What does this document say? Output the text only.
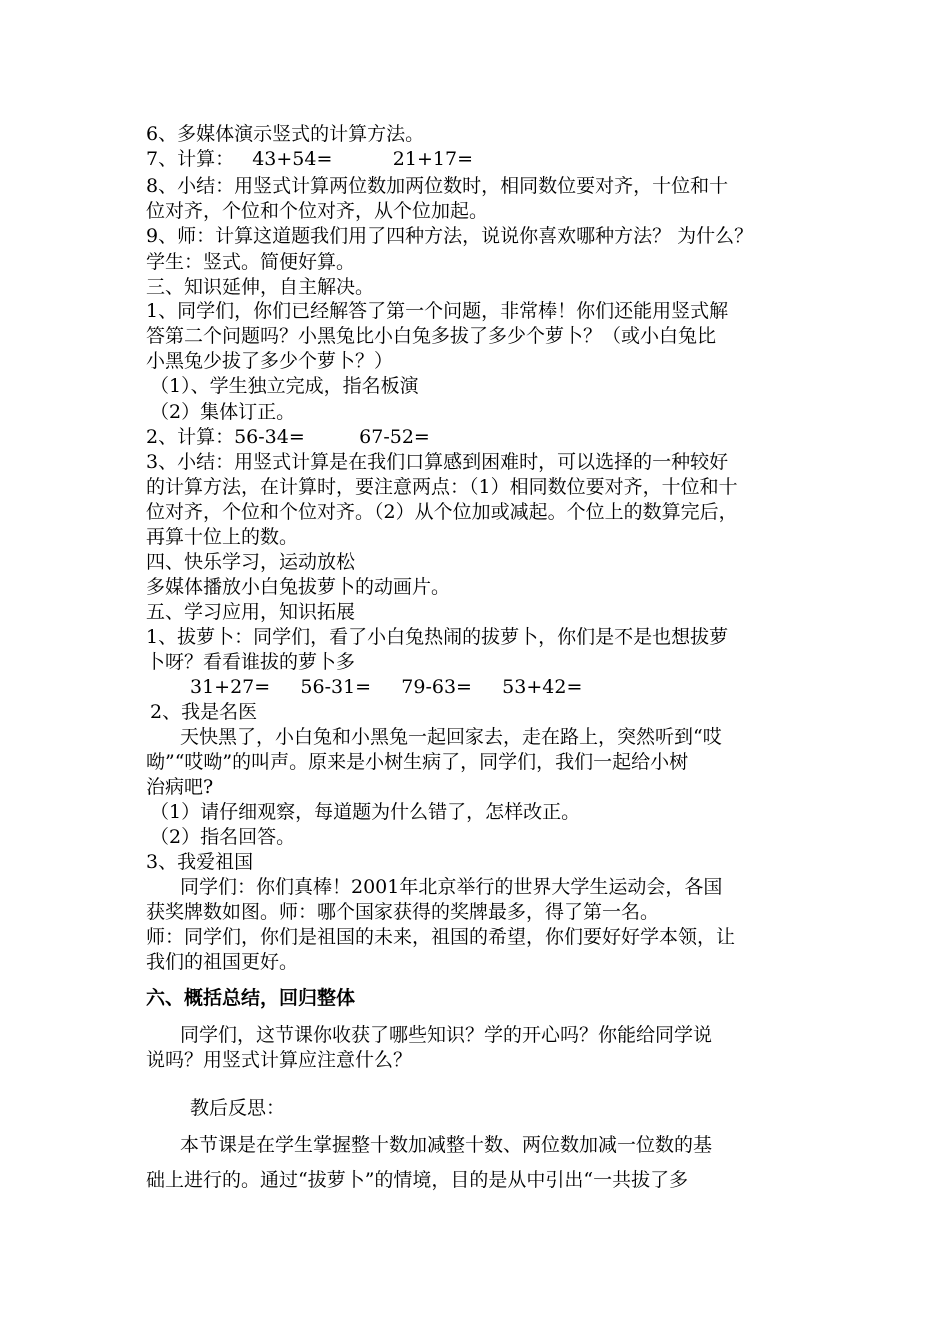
6、多媒体演示竖式的计算方法。
7、计算：   43+54=          21+17=
8、小结：用竖式计算两位数加两位数时，相同数位要对齐，十位和十
位对齐，个位和个位对齐，从个位加起。
9、师：计算这道题我们用了四种方法，说说你喜欢哪种方法？ 为什么？
学生：竖式。简便好算。
三、知识延伸，自主解决。
1、同学们，你们已经解答了第一个问题，非常棒！你们还能用竖式解
答第二个问题吗？小黑兔比小白兔多拔了多少个萝卜？（或小白兔比
小黑兔少拔了多少个萝卜？）
（1）、学生独立完成，指名板演
（2）集体订正。
2、计算：56-34=         67-52=
3、小结：用竖式计算是在我们口算感到困难时，可以选择的一种较好
的计算方法，在计算时，要注意两点：（1）相同数位要对齐，十位和十
位对齐，个位和个位对齐。（2）从个位加或减起。个位上的数算完后，
再算十位上的数。
四、快乐学习，运动放松
多媒体播放小白兔拔萝卜的动画片。
五、学习应用，知识拓展
1、拔萝卜：同学们，看了小白兔热闹的拔萝卜，你们是不是也想拔萝
卜呀？看看谁拔的萝卜多
31+27=     56-31=     79-63=     53+42=
2、我是名医
天快黑了，小白兔和小黑兔一起回家去，走在路上，突然听到“哎
呦”“哎呦”的叫声。原来是小树生病了，同学们，我们一起给小树
治病吧?
（1）请仔细观察，每道题为什么错了，怎样改正。
（2）指名回答。
3、我爱祖国
同学们：你们真棒！2001年北京举行的世界大学生运动会，各国
获奖牌数如图。师：哪个国家获得的奖牌最多，得了第一名。
师：同学们，你们是祖国的未来，祖国的希望，你们要好好学本领，让
我们的祖国更好。
六、概括总结，回归整体
同学们，这节课你收获了哪些知识？学的开心吗？你能给同学说
说吗？用竖式计算应注意什么？
教后反思：
本节课是在学生掌握整十数加减整十数、两位数加减一位数的基
础上进行的。通过“拔萝卜”的情境，目的是从中引出“一共拔了多
